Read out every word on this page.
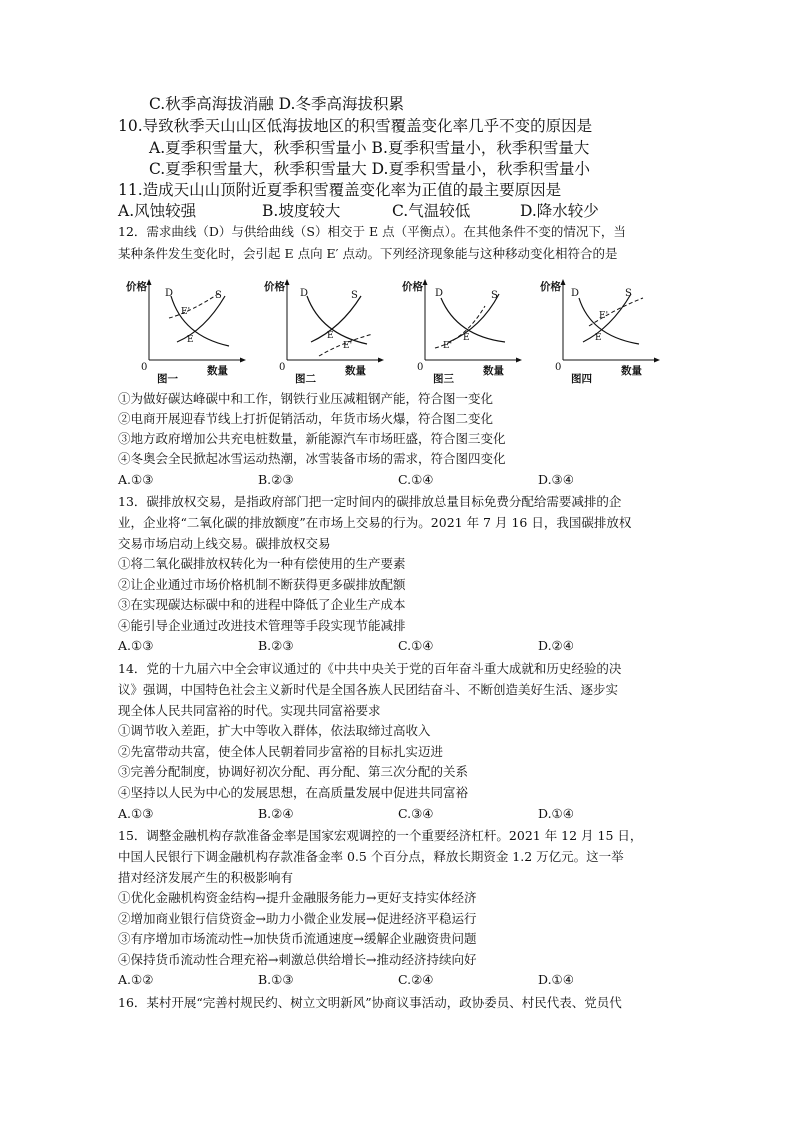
C.秋季高海拔消融 D.冬季高海拔积累
10.导致秋季天山山区低海拔地区的积雪覆盖变化率几乎不变的原因是
A.夏季积雪量大，秋季积雪量小 B.夏季积雪量小，秋季积雪量大
C.夏季积雪量大，秋季积雪量大 D.夏季积雪量小，秋季积雪量小
11.造成天山山顶附近夏季积雪覆盖变化率为正值的最主要原因是
A.风蚀较强	B.坡度较大	C.气温较低	D.降水较少
12．需求曲线（D）与供给曲线（S）相交于 E 点（平衡点）。在其他条件不变的情况下，当
某种条件发生变化时，会引起 E 点向 E′ 点动。下列经济现象能与这种移动变化相符合的是
价格
0	数量
D	S
E'
E
图一
价格
0	数量
D	S
E
E'
图二
价格
0	数量
D	S
E
E'
图三
价格
0	数量
D	S
E'
E
图四
①为做好碳达峰碳中和工作，钢铁行业压减粗钢产能，符合图一变化
②电商开展迎春节线上打折促销活动，年货市场火爆，符合图二变化
③地方政府增加公共充电桩数量，新能源汽车市场旺盛，符合图三变化
④冬奥会全民掀起冰雪运动热潮，冰雪装备市场的需求，符合图四变化
A.①③	B.②③	C.①④	D.③④
13．碳排放权交易，是指政府部门把一定时间内的碳排放总量目标免费分配给需要减排的企
业，企业将“二氧化碳的排放额度”在市场上交易的行为。2021 年 7 月 16 日，我国碳排放权
交易市场启动上线交易。碳排放权交易
①将二氧化碳排放权转化为一种有偿使用的生产要素
②让企业通过市场价格机制不断获得更多碳排放配额
③在实现碳达标碳中和的进程中降低了企业生产成本
④能引导企业通过改进技术管理等手段实现节能减排
A.①③	B.②③	C.①④	D.②④
14．党的十九届六中全会审议通过的《中共中央关于党的百年奋斗重大成就和历史经验的决
议》强调，中国特色社会主义新时代是全国各族人民团结奋斗、不断创造美好生活、逐步实
现全体人民共同富裕的时代。实现共同富裕要求
①调节收入差距，扩大中等收入群体，依法取缔过高收入
②先富带动共富，使全体人民朝着同步富裕的目标扎实迈进
③完善分配制度，协调好初次分配、再分配、第三次分配的关系
④坚持以人民为中心的发展思想，在高质量发展中促进共同富裕
A.①③	B.②④	C.③④	D.①④
15．调整金融机构存款准备金率是国家宏观调控的一个重要经济杠杆。2021 年 12 月 15 日，
中国人民银行下调金融机构存款准备金率 0.5 个百分点，释放长期资金 1.2 万亿元。这一举
措对经济发展产生的积极影响有
①优化金融机构资金结构→提升金融服务能力→更好支持实体经济
②增加商业银行信贷资金→助力小微企业发展→促进经济平稳运行
③有序增加市场流动性→加快货币流通速度→缓解企业融资贵问题
④保持货币流动性合理充裕→刺激总供给增长→推动经济持续向好
A.①②	B.①③	C.②④	D.①④
16．某村开展“完善村规民约、树立文明新风”协商议事活动，政协委员、村民代表、党员代
